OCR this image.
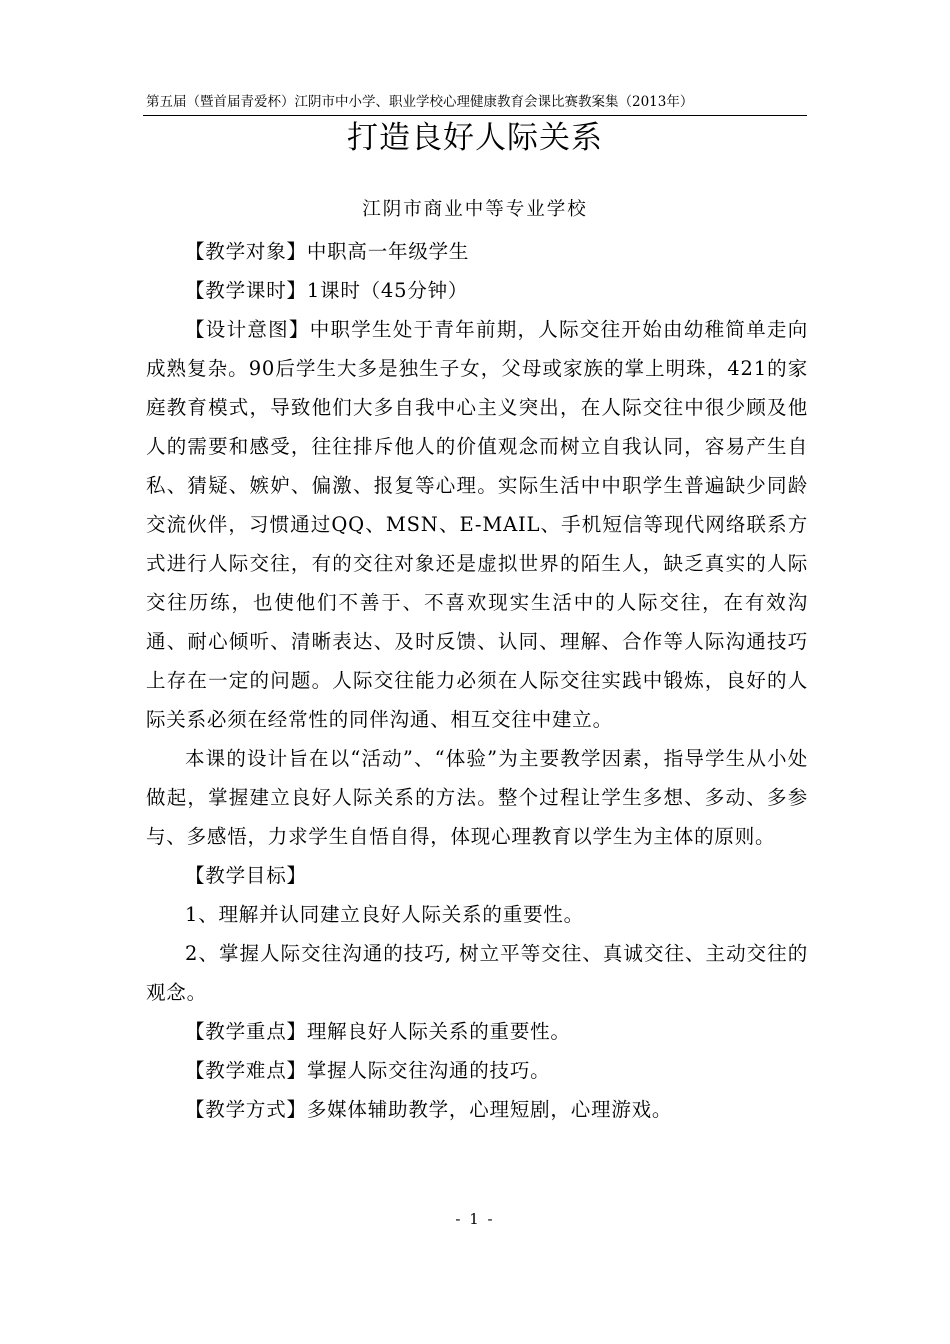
第五届（暨首届青爱杯）江阴市中小学、职业学校心理健康教育会课比赛教案集（2013年）
打造良好人际关系
江阴市商业中等专业学校

【教学对象】中职高一年级学生

【教学课时】1课时（45分钟）

【设计意图】中职学生处于青年前期，人际交往开始由幼稚简单走向成熟复杂。90后学生大多是独生子女，父母或家族的掌上明珠，421的家庭教育模式，导致他们大多自我中心主义突出，在人际交往中很少顾及他人的需要和感受，往往排斥他人的价值观念而树立自我认同，容易产生自私、猜疑、嫉妒、偏激、报复等心理。实际生活中中职学生普遍缺少同龄交流伙伴，习惯通过QQ、MSN、E-MAIL、手机短信等现代网络联系方式进行人际交往，有的交往对象还是虚拟世界的陌生人，缺乏真实的人际交往历练，也使他们不善于、不喜欢现实生活中的人际交往，在有效沟通、耐心倾听、清晰表达、及时反馈、认同、理解、合作等人际沟通技巧上存在一定的问题。人际交往能力必须在人际交往实践中锻炼，良好的人际关系必须在经常性的同伴沟通、相互交往中建立。

本课的设计旨在以“活动”、“体验”为主要教学因素，指导学生从小处做起，掌握建立良好人际关系的方法。整个过程让学生多想、多动、多参与、多感悟，力求学生自悟自得，体现心理教育以学生为主体的原则。

【教学目标】

1、理解并认同建立良好人际关系的重要性。

2、掌握人际交往沟通的技巧, 树立平等交往、真诚交往、主动交往的观念。

【教学重点】理解良好人际关系的重要性。

【教学难点】掌握人际交往沟通的技巧。

【教学方式】多媒体辅助教学，心理短剧，心理游戏。

- 1 -
